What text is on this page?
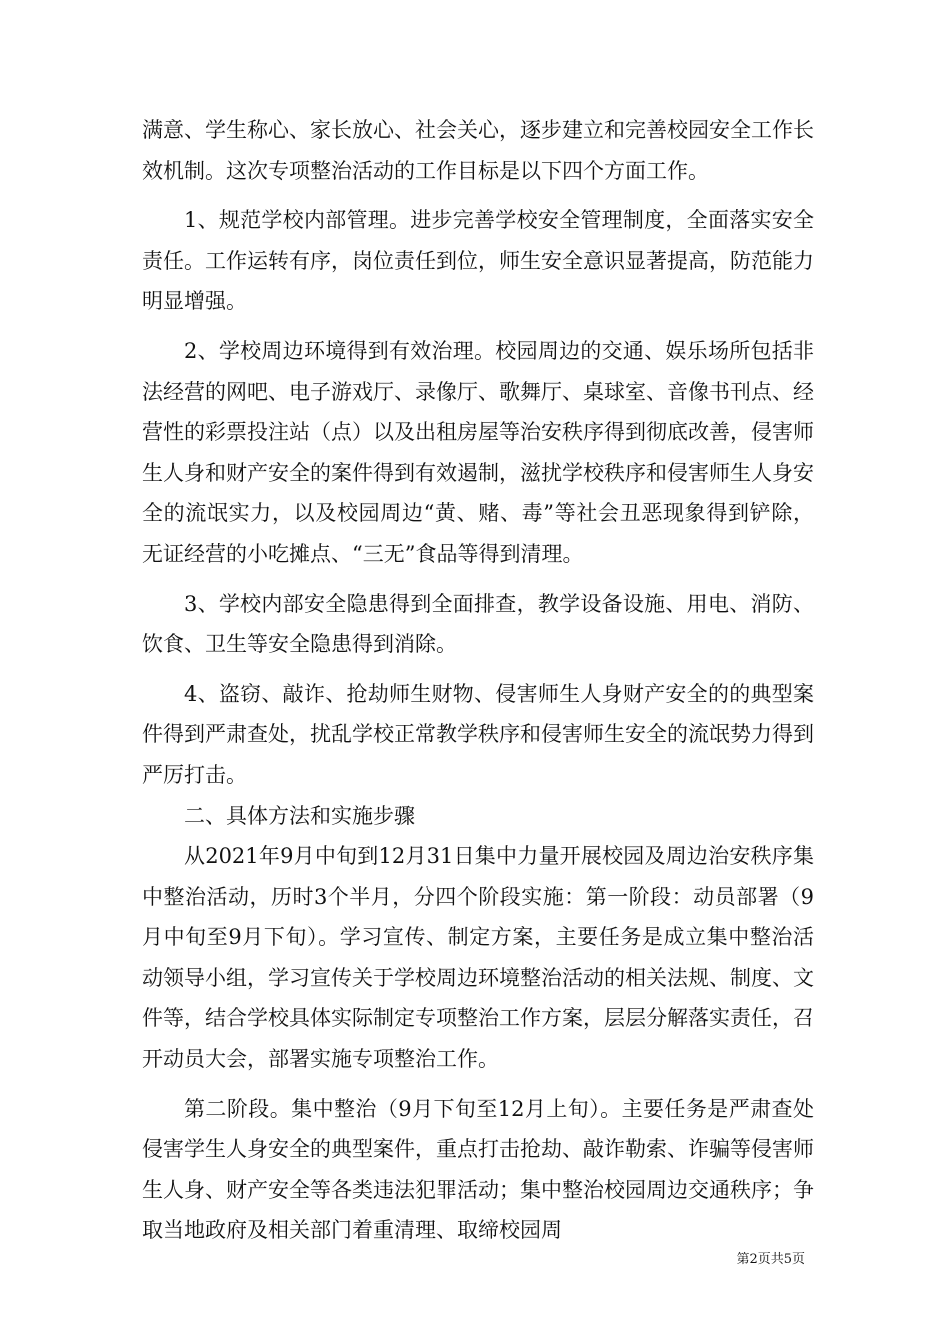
满意、学生称心、家长放心、社会关心，逐步建立和完善校园安全工作长效机制。这次专项整治活动的工作目标是以下四个方面工作。

1、规范学校内部管理。进步完善学校安全管理制度，全面落实安全责任。工作运转有序，岗位责任到位，师生安全意识显著提高，防范能力明显增强。

2、学校周边环境得到有效治理。校园周边的交通、娱乐场所包括非法经营的网吧、电子游戏厅、录像厅、歌舞厅、桌球室、音像书刊点、经营性的彩票投注站（点）以及出租房屋等治安秩序得到彻底改善，侵害师生人身和财产安全的案件得到有效遏制，滋扰学校秩序和侵害师生人身安全的流氓实力，以及校园周边“黄、赌、毒”等社会丑恶现象得到铲除，无证经营的小吃摊点、“三无”食品等得到清理。

3、学校内部安全隐患得到全面排查，教学设备设施、用电、消防、饮食、卫生等安全隐患得到消除。

4、盗窃、敲诈、抢劫师生财物、侵害师生人身财产安全的的典型案件得到严肃查处，扰乱学校正常教学秩序和侵害师生安全的流氓势力得到严厉打击。

二、具体方法和实施步骤

从2021年9月中旬到12月31日集中力量开展校园及周边治安秩序集中整治活动，历时3个半月，分四个阶段实施：第一阶段：动员部署（9月中旬至9月下旬）。学习宣传、制定方案，主要任务是成立集中整治活动领导小组，学习宣传关于学校周边环境整治活动的相关法规、制度、文件等，结合学校具体实际制定专项整治工作方案，层层分解落实责任，召开动员大会，部署实施专项整治工作。

第二阶段。集中整治（9月下旬至12月上旬）。主要任务是严肃查处侵害学生人身安全的典型案件，重点打击抢劫、敲诈勒索、诈骗等侵害师生人身、财产安全等各类违法犯罪活动；集中整治校园周边交通秩序；争取当地政府及相关部门着重清理、取缔校园周

第2页共5页
